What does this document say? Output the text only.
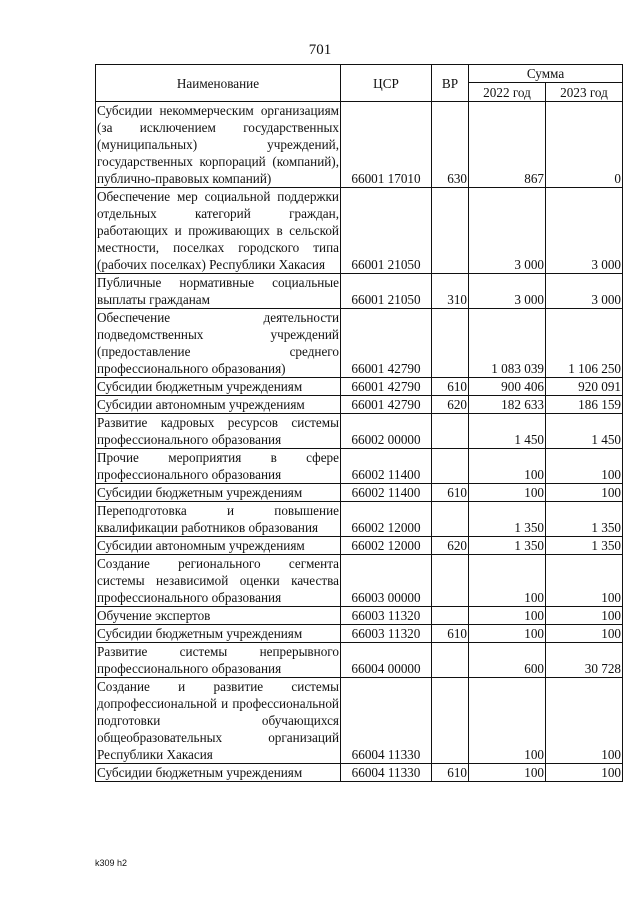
701
Наименование	ЦСР	ВР	Сумма	
			2022 год	2023 год
Субсидии некоммерческим организациям (за исключением государственных (муниципальных) учреждений, государственных корпораций (компаний), публично-правовых компаний)	66001 17010	630	867	0
Обеспечение мер социальной поддержки отдельных категорий граждан, работающих и проживающих в сельской местности, поселках городского типа (рабочих поселках) Республики Хакасия	66001 21050		3 000	3 000
Публичные нормативные социальные выплаты гражданам	66001 21050	310	3 000	3 000
Обеспечение деятельности подведомственных учреждений (предоставление среднего профессионального образования)	66001 42790		1 083 039	1 106 250
Субсидии бюджетным учреждениям	66001 42790	610	900 406	920 091
Субсидии автономным учреждениям	66001 42790	620	182 633	186 159
Развитие кадровых ресурсов системы профессионального образования	66002 00000		1 450	1 450
Прочие мероприятия в сфере профессионального образования	66002 11400		100	100
Субсидии бюджетным учреждениям	66002 11400	610	100	100
Переподготовка и повышение квалификации работников образования	66002 12000		1 350	1 350
Субсидии автономным учреждениям	66002 12000	620	1 350	1 350
Создание регионального сегмента системы независимой оценки качества профессионального образования	66003 00000		100	100
Обучение экспертов	66003 11320		100	100
Субсидии бюджетным учреждениям	66003 11320	610	100	100
Развитие системы непрерывного профессионального образования	66004 00000		600	30 728
Создание и развитие системы допрофессиональной и профессиональной подготовки обучающихся общеобразовательных организаций Республики Хакасия	66004 11330		100	100
Субсидии бюджетным учреждениям	66004 11330	610	100	100
k309 h2
